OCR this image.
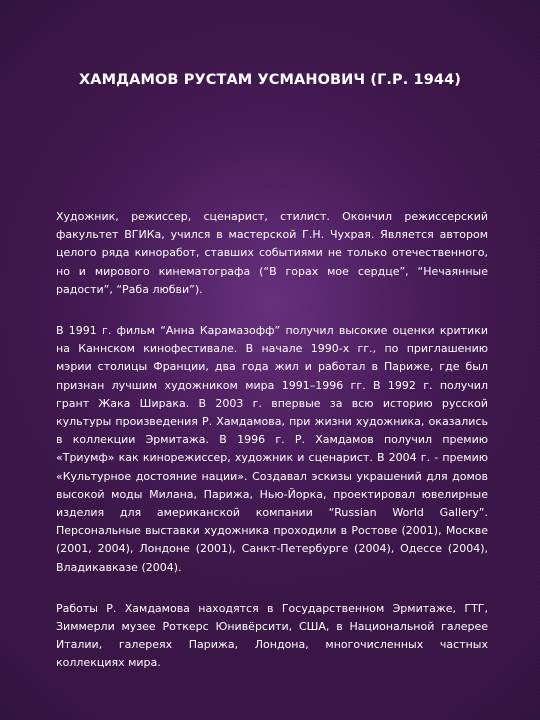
ХАМДАМОВ РУСТАМ УСМАНОВИЧ (Г.Р. 1944)

Художник, режиссер, сценарист, стилист. Окончил режиссерский факультет ВГИКа, учился в мастерской Г.Н. Чухрая. Является автором целого ряда киноработ, ставших событиями не только отечественного, но и мирового кинематографа (“В горах мое сердце”, “Нечаянные радости”, “Раба любви”).

В 1991 г. фильм “Анна Карамазофф” получил высокие оценки критики на Каннском кинофестивале. В начале 1990-х гг., по приглашению мэрии столицы Франции, два года жил и работал в Париже, где был признан лучшим художником мира 1991–1996 гг. В 1992 г. получил грант Жака Ширака. В 2003 г. впервые за всю историю русской культуры произведения Р. Хамдамова, при жизни художника, оказались в коллекции Эрмитажа. В 1996 г. Р. Хамдамов получил премию «Триумф» как кинорежиссер, художник и сценарист. В 2004 г. - премию «Культурное достояние нации». Создавал эскизы украшений для домов высокой моды Милана, Парижа, Нью-Йорка, проектировал ювелирные изделия для американской компании “Russian World Gallery”. Персональные выставки художника проходили в Ростове (2001), Москве (2001, 2004), Лондоне (2001), Санкт-Петербурге (2004), Одессе (2004), Владикавказе (2004).

Работы Р. Хамдамова находятся в Государственном Эрмитаже, ГТГ, Зиммерли музее Роткерс Юнивёрсити, США, в Национальной галерее Италии, галереях Парижа, Лондона, многочисленных частных коллекциях мира.
